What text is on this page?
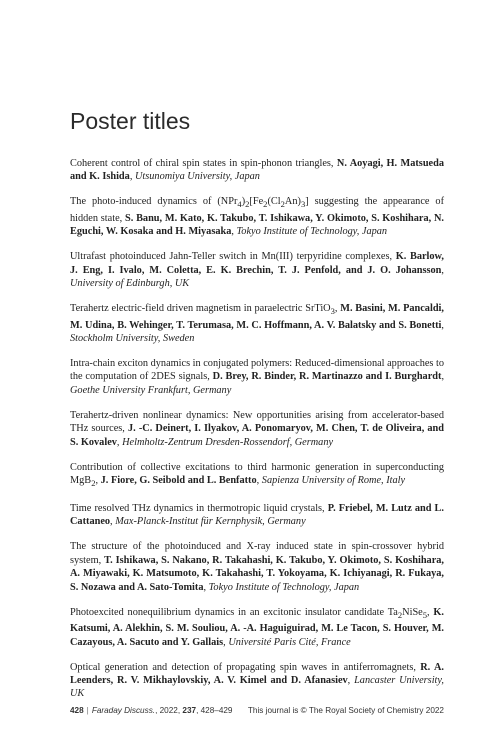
Poster titles

Coherent control of chiral spin states in spin-phonon triangles, N. Aoyagi, H. Matsueda and K. Ishida, Utsunomiya University, Japan

The photo-induced dynamics of $(NPr_4)_2[Fe_2(Cl_2An)_3]$ suggesting the appearance of hidden state, S. Banu, M. Kato, K. Takubo, T. Ishikawa, Y. Okimoto, S. Koshihara, N. Eguchi, W. Kosaka and H. Miyasaka, Tokyo Institute of Technology, Japan

Ultrafast photoinduced Jahn-Teller switch in Mn(III) terpyridine complexes, K. Barlow, J. Eng, I. Ivalo, M. Coletta, E. K. Brechin, T. J. Penfold, and J. O. Johansson, University of Edinburgh, UK

Terahertz electric-field driven magnetism in paraelectric SrTiO$_3$, M. Basini, M. Pancaldi, M. Udina, B. Wehinger, T. Terumasa, M. C. Hoffmann, A. V. Balatsky and S. Bonetti, Stockholm University, Sweden

Intra-chain exciton dynamics in conjugated polymers: Reduced-dimensional approaches to the computation of 2DES signals, D. Brey, R. Binder, R. Martinazzo and I. Burghardt, Goethe University Frankfurt, Germany

Terahertz-driven nonlinear dynamics: New opportunities arising from accelerator-based THz sources, J. -C. Deinert, I. Ilyakov, A. Ponomaryov, M. Chen, T. de Oliveira, and S. Kovalev, Helmholtz-Zentrum Dresden-Rossendorf, Germany

Contribution of collective excitations to third harmonic generation in superconducting MgB$_2$, J. Fiore, G. Seibold and L. Benfatto, Sapienza University of Rome, Italy

Time resolved THz dynamics in thermotropic liquid crystals, P. Friebel, M. Lutz and L. Cattaneo, Max-Planck-Institut für Kernphysik, Germany

The structure of the photoinduced and X-ray induced state in spin-crossover hybrid system, T. Ishikawa, S. Nakano, R. Takahashi, K. Takubo, Y. Okimoto, S. Koshihara, A. Miyawaki, K. Matsumoto, K. Takahashi, T. Yokoyama, K. Ichiyanagi, R. Fukaya, S. Nozawa and A. Sato-Tomita, Tokyo Institute of Technology, Japan

Photoexcited nonequilibrium dynamics in an excitonic insulator candidate $Ta_2NiSe_5$, K. Katsumi, A. Alekhin, S. M. Souliou, A. -A. Haguiguirad, M. Le Tacon, S. Houver, M. Cazayous, A. Sacuto and Y. Gallais, Université Paris Cité, France

Optical generation and detection of propagating spin waves in antiferromagnets, R. A. Leenders, R. V. Mikhaylovskiy, A. V. Kimel and D. Afanasiev, Lancaster University, UK

428 | Faraday Discuss., 2022, 237, 428–429 This journal is © The Royal Society of Chemistry 2022
